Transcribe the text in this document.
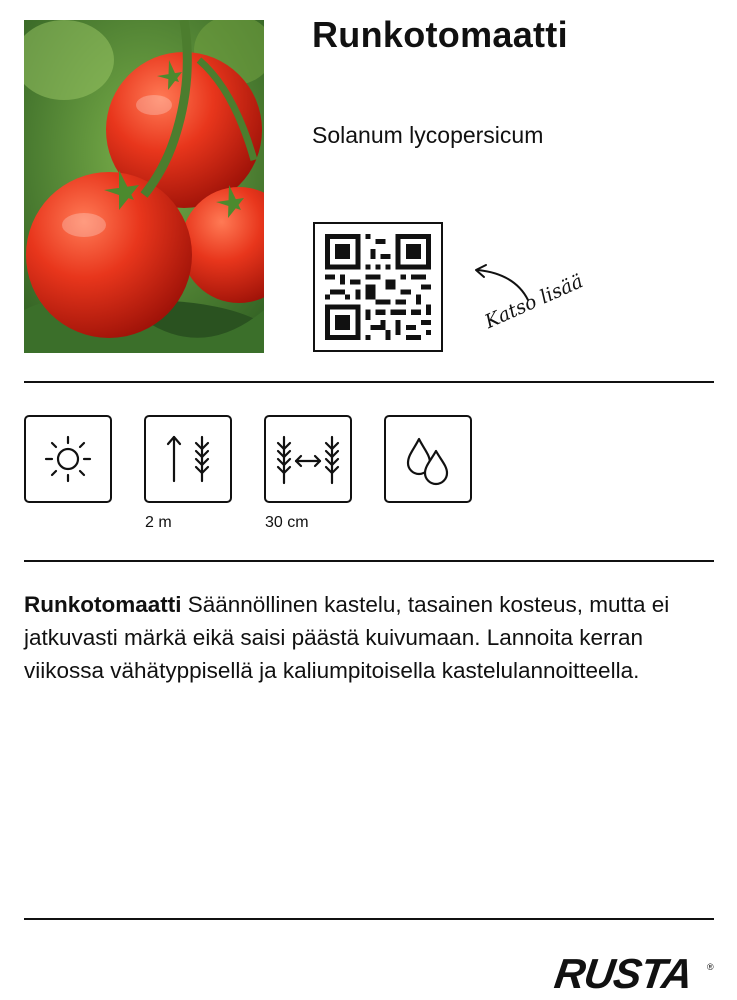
Runkotomaatti
Solanum lycopersicum
Katso lisää
2 m	30 cm
Runkotomaatti Säännöllinen kastelu, tasainen kosteus, mutta ei jatkuvasti märkä eikä saisi päästä kuivumaan. Lannoita kerran viikossa vähätyppisellä ja kaliumpitoisella kastelulannoitteella.
RUSTA ®
